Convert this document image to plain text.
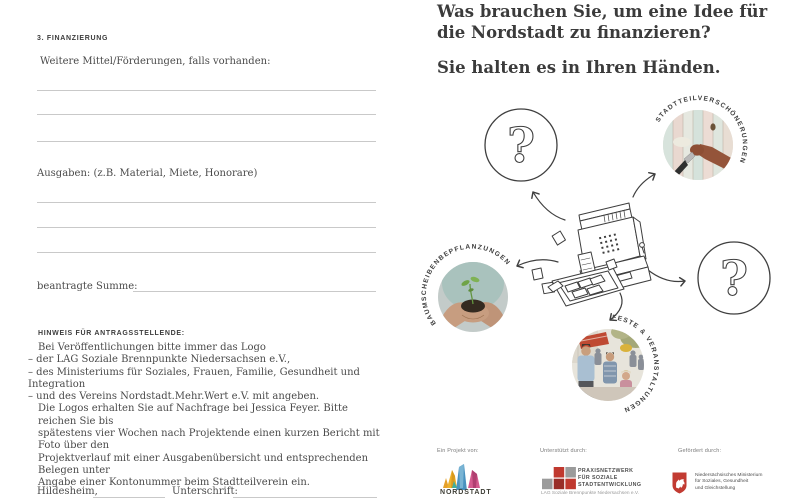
3. FINANZIERUNG
Weitere Mittel/Förderungen, falls vorhanden:
Ausgaben: (z.B. Material, Miete, Honorare)
beantragte Summe:
HINWEIS FÜR ANTRAGSSTELLENDE:
Bei Veröffentlichungen bitte immer das Logo
– der LAG Soziale Brennpunkte Niedersachsen e.V.,
– des Ministeriums für Soziales, Frauen, Familie, Gesundheit und Integration
– und des Vereins Nordstadt.Mehr.Wert e.V. mit angeben.
Die Logos erhalten Sie auf Nachfrage bei Jessica Feyer. Bitte reichen Sie bis
spätestens vier Wochen nach Projektende einen kurzen Bericht mit Foto über den
Projektverlauf mit einer Ausgabenübersicht und entsprechenden Belegen unter
Angabe einer Kontonummer beim Stadtteilverein ein.
Hildesheim,	Unterschrift:
Was brauchen Sie, um eine Idee für
die Nordstadt zu finanzieren?
Sie halten es in Ihren Händen.
?
?
STADTTEILVERSCHÖNERUNGEN
BAUMSCHEIBENBEPFLANZUNGEN
FESTE & VERANSTALTUNGEN
Ein Projekt von:	Unterstützt durch:	Gefördert durch:
NORDSTADT
PRAXISNETZWERK
FÜR SOZIALE
STADTENTWICKLUNG
LAG Soziale Brennpunkte Niedersachsen e.V.
Niedersächsisches Ministerium
für Soziales, Gesundheit
und Gleichstellung
